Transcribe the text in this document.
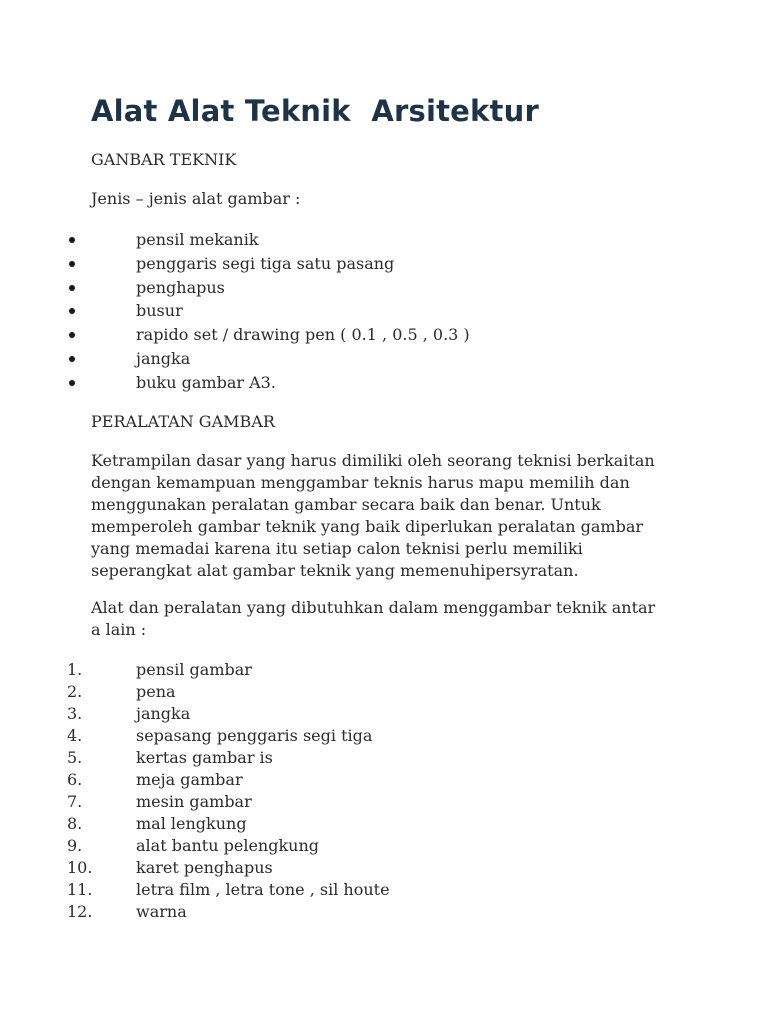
Alat Alat Teknik  Arsitektur

GANBAR TEKNIK

Jenis – jenis alat gambar :

pensil mekanik
penggaris segi tiga satu pasang
penghapus
busur
rapido set / drawing pen ( 0.1 , 0.5 , 0.3 )
jangka
buku gambar A3.

PERALATAN GAMBAR

Ketrampilan dasar yang harus dimiliki oleh seorang teknisi berkaitan
dengan kemampuan menggambar teknis harus mapu memilih dan
menggunakan peralatan gambar secara baik dan benar. Untuk
memperoleh gambar teknik yang baik diperlukan peralatan gambar
yang memadai karena itu setiap calon teknisi perlu memiliki
seperangkat alat gambar teknik yang memenuhipersyratan.
Alat dan peralatan yang dibutuhkan dalam menggambar teknik antar
a lain :
1.	pensil gambar
2.	pena
3.	jangka
4.	sepasang penggaris segi tiga
5.	kertas gambar is
6.	meja gambar
7.	mesin gambar
8.	mal lengkung
9.	alat bantu pelengkung
10.	karet penghapus
11.	letra film , letra tone , sil houte
12.	warna
